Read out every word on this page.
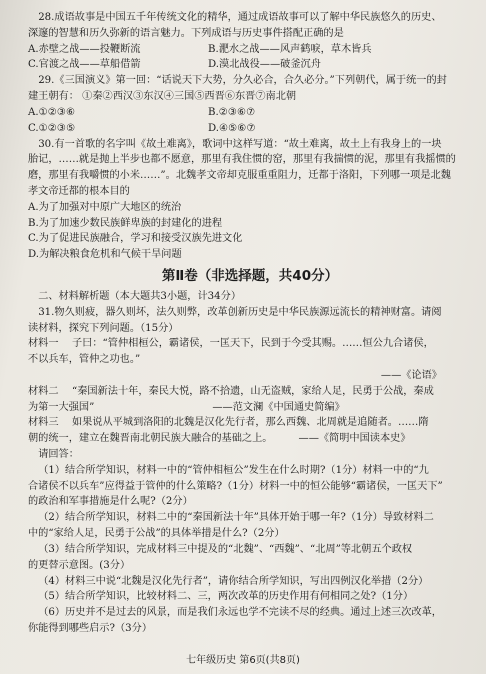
28.成语故事是中国五千年传统文化的精华，通过成语故事可以了解中华民族悠久的历史、
深邃的智慧和历久弥新的语言魅力。下列成语与历史事件搭配正确的是
A.赤壁之战——投鞭断流	B.淝水之战——风声鹤唳，草木皆兵
C.官渡之战——草船借箭	D.漠北战役——破釜沉舟
29.《三国演义》第一回：“话说天下大势，分久必合，合久必分。”下列朝代，属于统一的封
建王朝有： ①秦②西汉③东汉④三国⑤西晋⑥东晋⑦南北朝
A.①②③⑥	B.②③⑥⑦
C.①②③⑤	D.④⑤⑥⑦
30.有一首歌的名字叫《故土难离》，歌词中这样写道：“故土难离，故土上有我身上的一块
胎记，……就是抛上半步也都不愿意，那里有我住惯的窑，那里有我揣惯的泥，那里有我摇惯的
磨，那里有我嚼惯的小米……”。北魏孝文帝却克服重重阻力，迁都于洛阳，下列哪一项是北魏
孝文帝迁都的根本目的
A.为了加强对中原广大地区的统治
B.为了加速少数民族鲜卑族的封建化的进程
C.为了促进民族融合，学习和接受汉族先进文化
D.为解决粮食危机和气候干旱问题
第Ⅱ卷（非选择题，共40分）
二、材料解析题（本大题共3小题，计34分）
31.物久则疲，器久则坏，法久则弊，改革创新历史是中华民族源远流长的精神财富。请阅
读材料，探究下列问题。（15分）
材料一 子曰：“管仲相桓公，霸诸侯，一匡天下，民到于今受其赐。……恒公九合诸侯，
不以兵车，管仲之功也。”
——《论语》
材料二 “秦国新法十年，秦民大悦，路不拾遗，山无盗贼，家给人足，民勇于公战，秦成
为第一大强国”	——范文澜《中国通史简编》
材料三 如果说从平城到洛阳的北魏是汉化先行者，那么西魏、北周就是追随者。……隋
朝的统一，建立在魏晋南北朝民族大融合的基础之上。	——《简明中国读本史》
请回答：
（1）结合所学知识，材料一中的“管仲相桓公”发生在什么时期?（1分）材料一中的“九
合诸侯不以兵车”应得益于管仲的什么策略?（1分）材料一中的恒公能够“霸诸侯，一匡天下”
的政治和军事措施是什么呢?（2分）
（2）结合所学知识，材料二中的“秦国新法十年”具体开始于哪一年?（1分）导致材料二
中的“家给人足，民勇于公战”的具体举措是什么?（2分）
（3）结合所学知识，完成材料三中提及的“北魏”、“西魏”、“北周”等北朝五个政权
的更替示意图。(3分）
（4）材料三中说“北魏是汉化先行者”，请你结合所学知识，写出四例汉化举措（2分）
（5）结合所学知识，比较材料二、三，两次改革的历史作用有何相同之处?（1分）
（6）历史并不是过去的风景，而是我们永远也学不完读不尽的经典。通过上述三次改革，
你能得到哪些启示?（3分）
七年级历史 第6页(共8页)
